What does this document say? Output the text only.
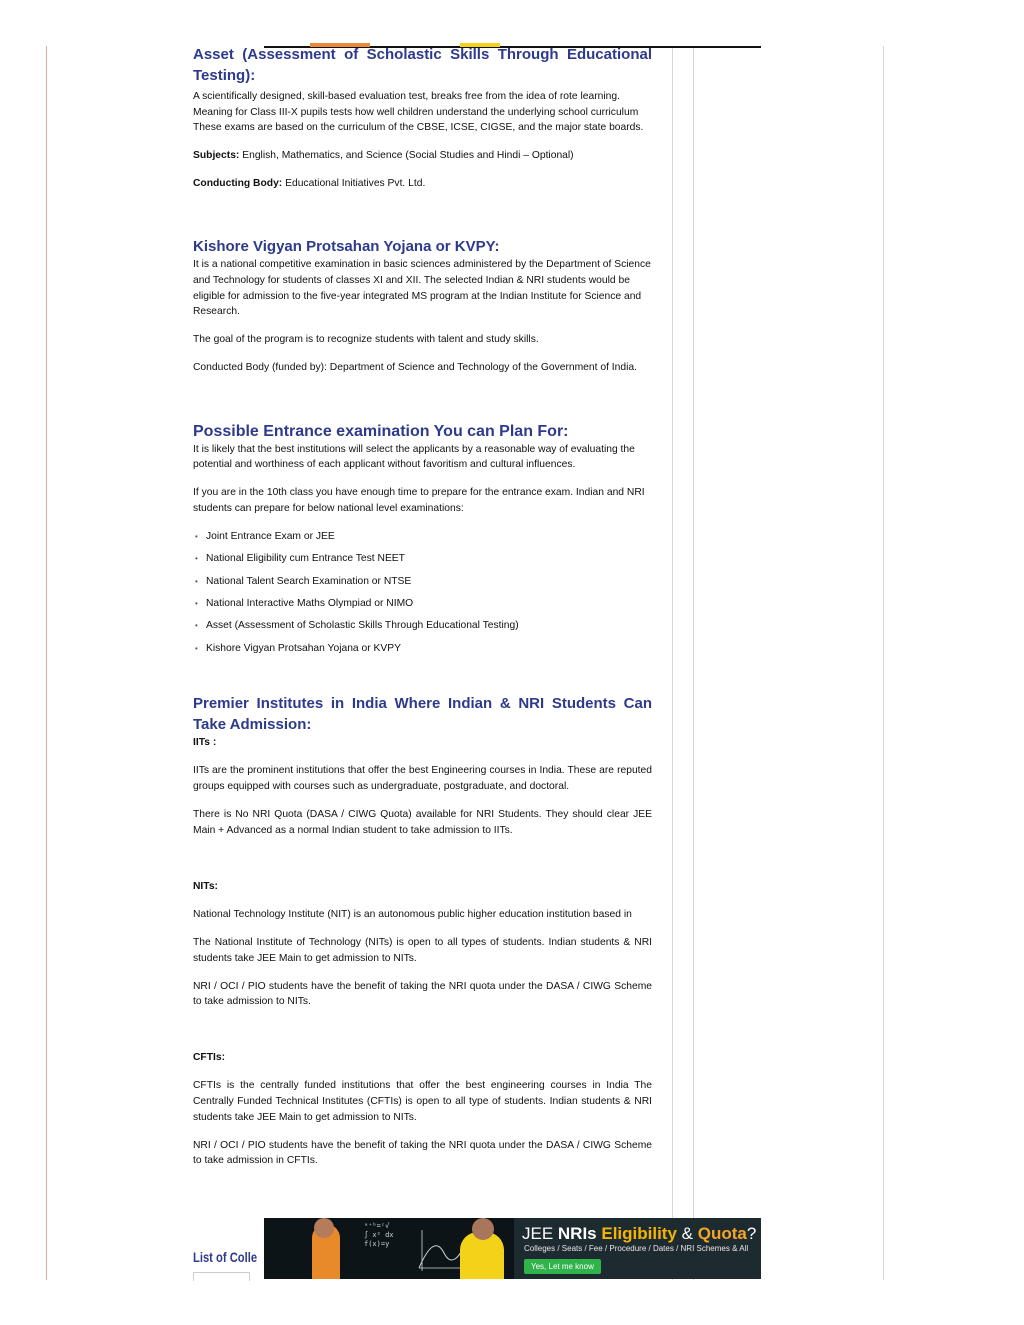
Asset (Assessment of Scholastic Skills Through Educational Testing):

A scientifically designed, skill-based evaluation test, breaks free from the idea of rote learning. Meaning for Class III-X pupils tests how well children understand the underlying school curriculum These exams are based on the curriculum of the CBSE, ICSE, CIGSE, and the major state boards.

Subjects: English, Mathematics, and Science (Social Studies and Hindi – Optional)

Conducting Body: Educational Initiatives Pvt. Ltd.

Kishore Vigyan Protsahan Yojana or KVPY:

It is a national competitive examination in basic sciences administered by the Department of Science and Technology for students of classes XI and XII. The selected Indian & NRI students would be eligible for admission to the five-year integrated MS program at the Indian Institute for Science and Research.

The goal of the program is to recognize students with talent and study skills.

Conducted Body (funded by): Department of Science and Technology of the Government of India.

Possible Entrance examination You can Plan For:

It is likely that the best institutions will select the applicants by a reasonable way of evaluating the potential and worthiness of each applicant without favoritism and cultural influences.

If you are in the 10th class you have enough time to prepare for the entrance exam. Indian and NRI students can prepare for below national level examinations:

• Joint Entrance Exam or JEE
• National Eligibility cum Entrance Test NEET
• National Talent Search Examination or NTSE
• National Interactive Maths Olympiad or NIMO
• Asset (Assessment of Scholastic Skills Through Educational Testing)
• Kishore Vigyan Protsahan Yojana or KVPY
Premier Institutes in India Where Indian & NRI Students Can Take Admission:

IITs :

IITs are the prominent institutions that offer the best Engineering courses in India. These are reputed groups equipped with courses such as undergraduate, postgraduate, and doctoral.

There is No NRI Quota (DASA / CIWG Quota) available for NRI Students. They should clear JEE Main + Advanced as a normal Indian student to take admission to IITs.

NITs:

National Technology Institute (NIT) is an autonomous public higher education institution based in

The National Institute of Technology (NITs) is open to all types of students. Indian students & NRI students take JEE Main to get admission to NITs.

NRI / OCI / PIO students have the benefit of taking the NRI quota under the DASA / CIWG Scheme to take admission to NITs.

CFTIs:

CFTIs is the centrally funded institutions that offer the best engineering courses in India The Centrally Funded Technical Institutes (CFTIs) is open to all type of students. Indian students & NRI students take JEE Main to get admission to NITs.

NRI / OCI / PIO students have the benefit of taking the NRI quota under the DASA / CIWG Scheme to take admission in CFTIs.

List of Colle
ᵃ⁺ᵇ=ᶜ√
∫ x² dx
f(x)=y
JEE NRIs Eligibility & Quota?
Colleges / Seats / Fee / Procedure / Dates / NRI Schemes & All
Yes, Let me know
